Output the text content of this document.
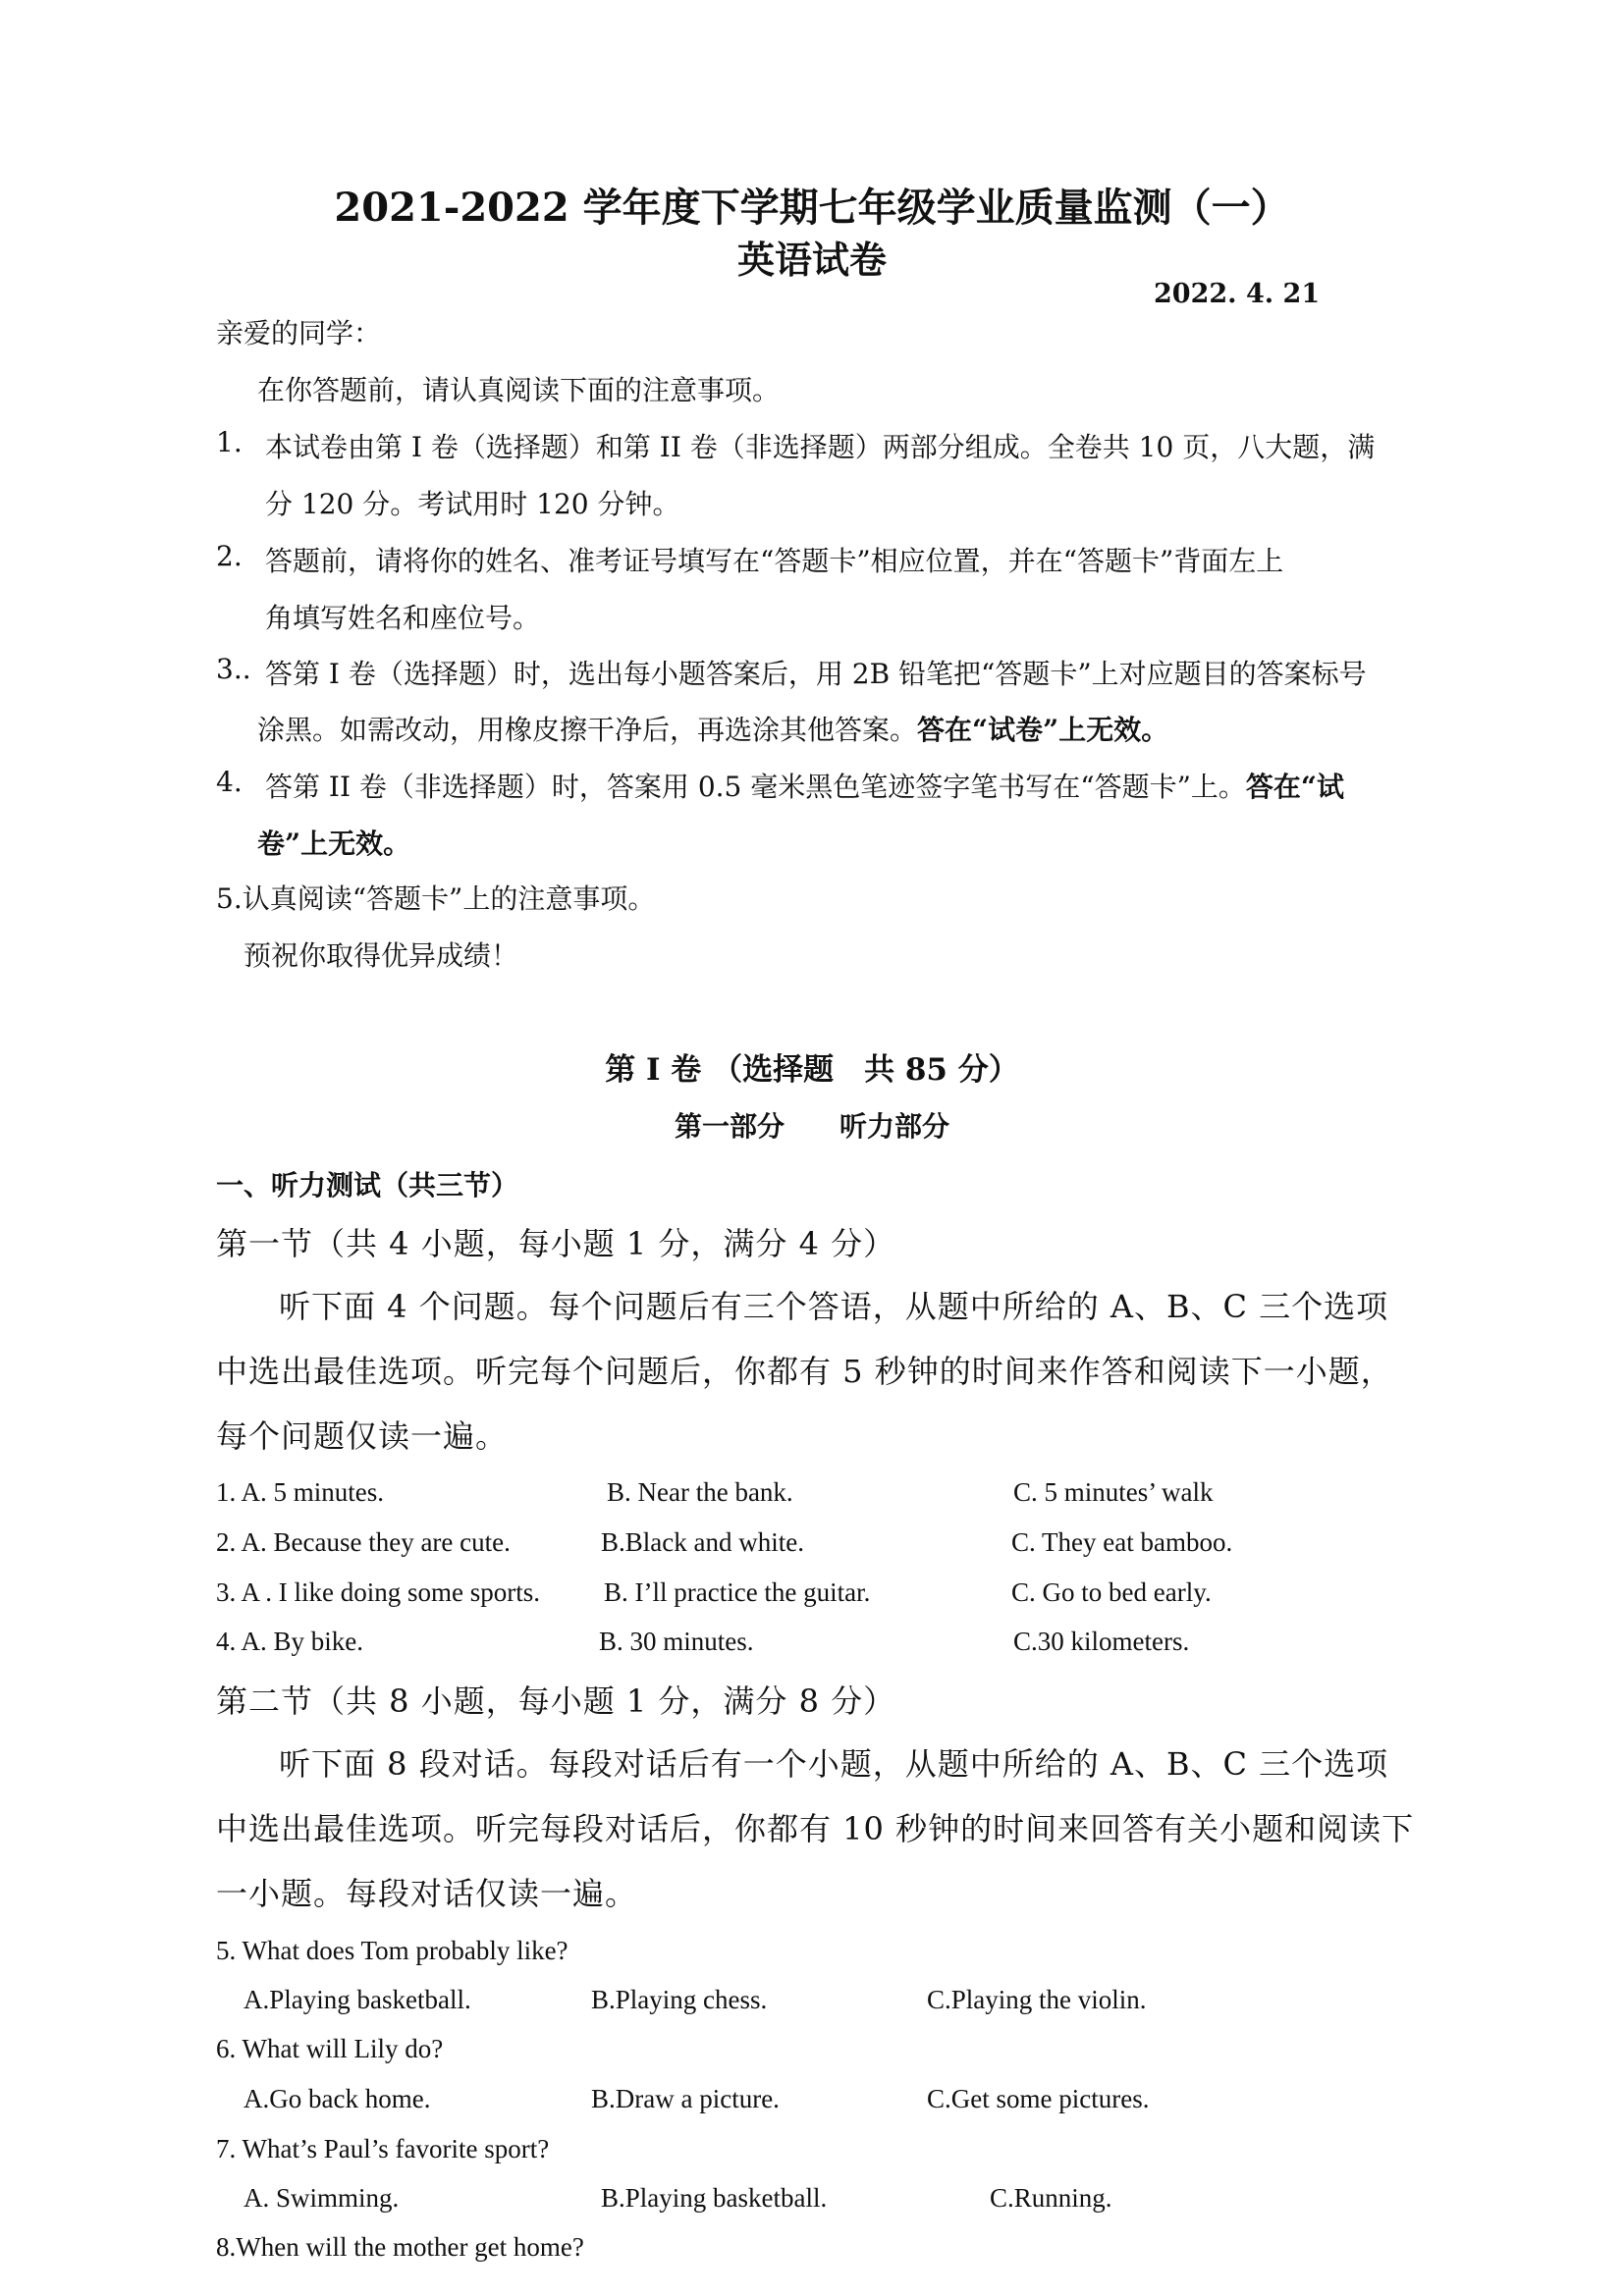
2021-2022 学年度下学期七年级学业质量监测（一）
英语试卷
2022. 4. 21
亲爱的同学：
在你答题前，请认真阅读下面的注意事项。
1. 本试卷由第 I 卷（选择题）和第 II 卷（非选择题）两部分组成。全卷共 10 页，八大题，满
分 120 分。考试用时 120 分钟。
2. 答题前，请将你的姓名、准考证号填写在“答题卡”相应位置，并在“答题卡”背面左上
角填写姓名和座位号。
3.. 答第 I 卷（选择题）时，选出每小题答案后，用 2B 铅笔把“答题卡”上对应题目的答案标号
涂黑。如需改动，用橡皮擦干净后，再选涂其他答案。答在“试卷”上无效。
4. 答第 II 卷（非选择题）时，答案用 0.5 毫米黑色笔迹签字笔书写在“答题卡”上。答在“试
卷”上无效。
5.认真阅读“答题卡”上的注意事项。
预祝你取得优异成绩！
第 I 卷 （选择题　共 85 分）
第一部分　　听力部分
一、听力测试（共三节）
第一节（共 4 小题，每小题 1 分，满分 4 分）
听下面 4 个问题。每个问题后有三个答语，从题中所给的 A、B、C 三个选项
中选出最佳选项。听完每个问题后，你都有 5 秒钟的时间来作答和阅读下一小题，
每个问题仅读一遍。
1. A. 5 minutes.	B. Near the bank.	C. 5 minutes’ walk
2. A. Because they are cute.	B.Black and white.	C. They eat bamboo.
3. A . I like doing some sports. B. I’ll practice the guitar.	C. Go to bed early.
4. A. By bike.	B. 30 minutes.	C.30 kilometers.
第二节（共 8 小题，每小题 1 分，满分 8 分）
听下面 8 段对话。每段对话后有一个小题，从题中所给的 A、B、C 三个选项
中选出最佳选项。听完每段对话后，你都有 10 秒钟的时间来回答有关小题和阅读下
一小题。每段对话仅读一遍。
5. What does Tom probably like?
A.Playing basketball.	B.Playing chess.	C.Playing the violin.
6. What will Lily do?
A.Go back home.	B.Draw a picture.	C.Get some pictures.
7. What’s Paul’s favorite sport?
A. Swimming.	B.Playing basketball.	C.Running.
8.When will the mother get home?
